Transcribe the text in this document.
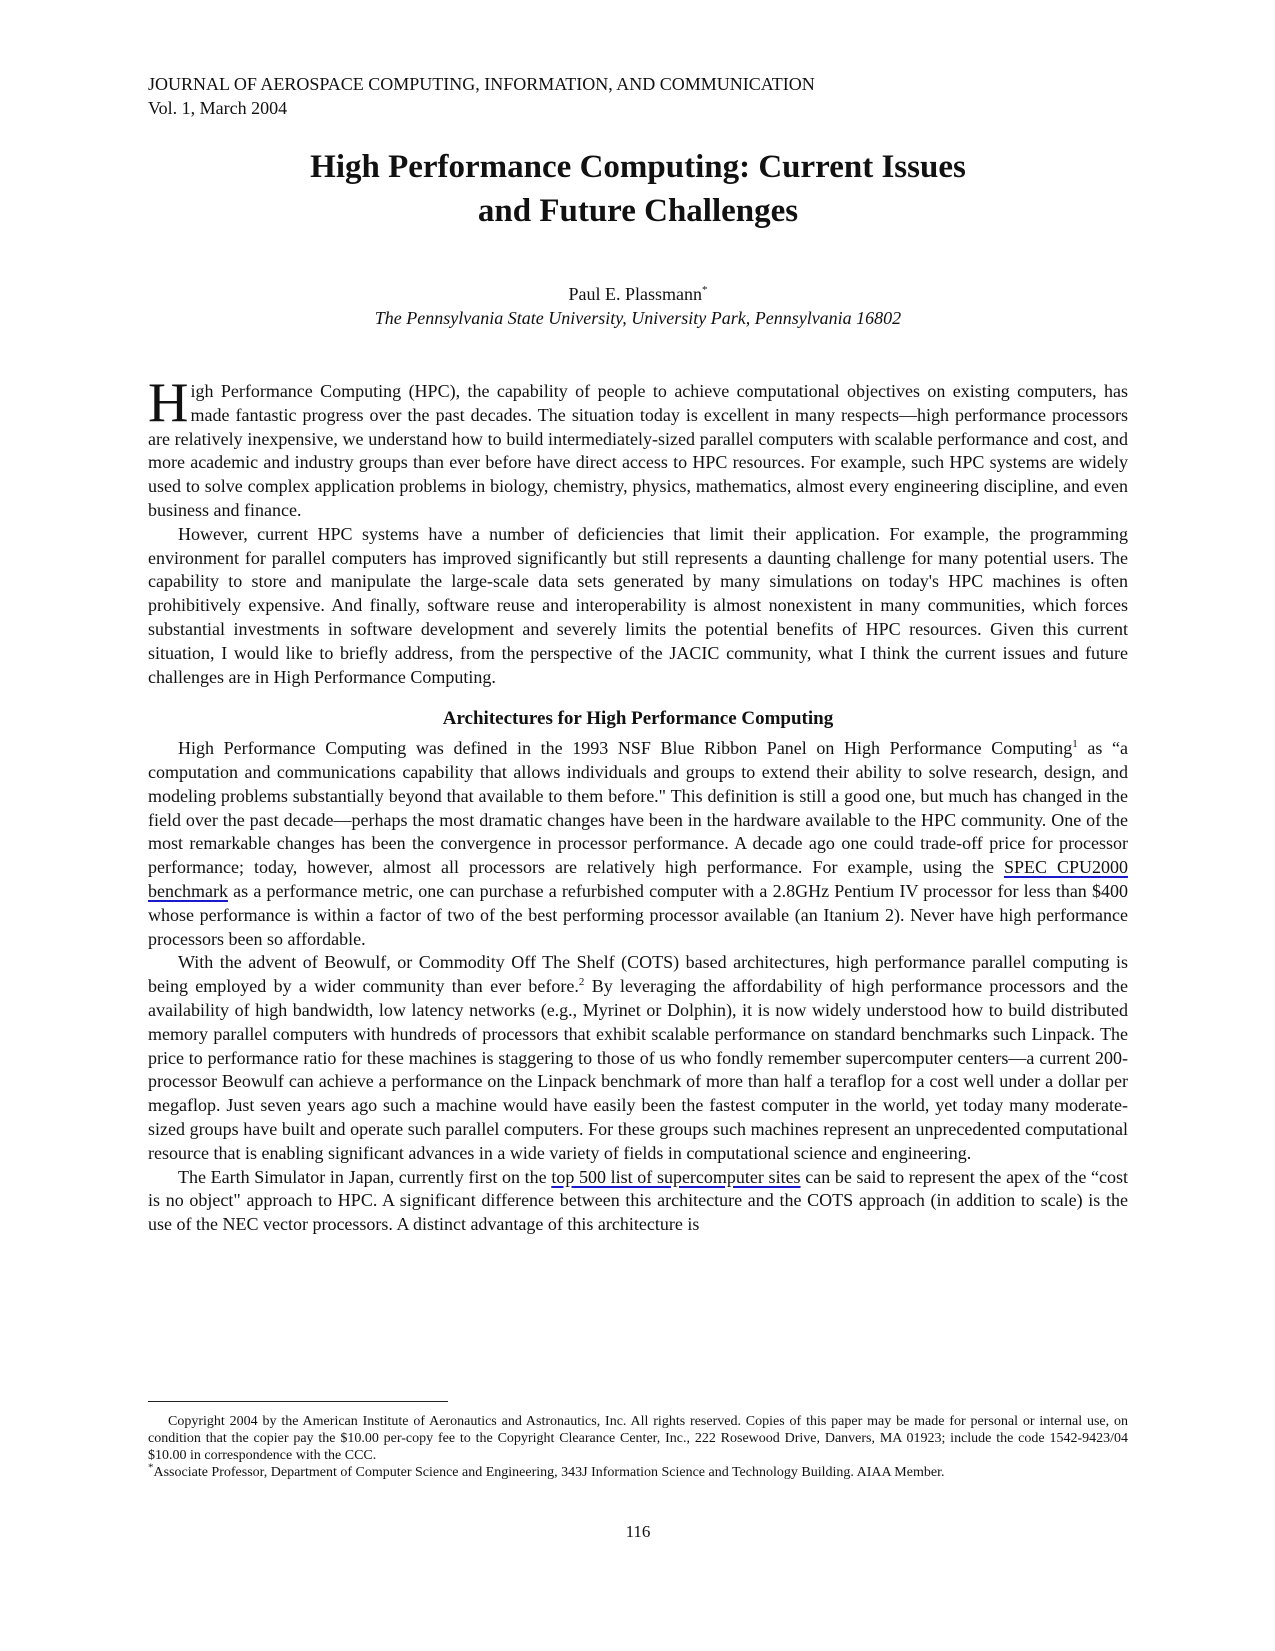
JOURNAL OF AEROSPACE COMPUTING, INFORMATION, AND COMMUNICATION
Vol. 1, March 2004
High Performance Computing: Current Issues
and Future Challenges
Paul E. Plassmann*
The Pennsylvania State University, University Park, Pennsylvania 16802

High Performance Computing (HPC), the capability of people to achieve computational objectives on existing computers, has made fantastic progress over the past decades. The situation today is excellent in many respects—high performance processors are relatively inexpensive, we understand how to build intermediately-sized parallel computers with scalable performance and cost, and more academic and industry groups than ever before have direct access to HPC resources. For example, such HPC systems are widely used to solve complex application problems in biology, chemistry, physics, mathematics, almost every engineering discipline, and even business and finance.

However, current HPC systems have a number of deficiencies that limit their application. For example, the programming environment for parallel computers has improved significantly but still represents a daunting challenge for many potential users. The capability to store and manipulate the large-scale data sets generated by many simulations on today's HPC machines is often prohibitively expensive. And finally, software reuse and interoperability is almost nonexistent in many communities, which forces substantial investments in software development and severely limits the potential benefits of HPC resources. Given this current situation, I would like to briefly address, from the perspective of the JACIC community, what I think the current issues and future challenges are in High Performance Computing.

Architectures for High Performance Computing

High Performance Computing was defined in the 1993 NSF Blue Ribbon Panel on High Performance Computing$^1$ as “a computation and communications capability that allows individuals and groups to extend their ability to solve research, design, and modeling problems substantially beyond that available to them before." This definition is still a good one, but much has changed in the field over the past decade—perhaps the most dramatic changes have been in the hardware available to the HPC community. One of the most remarkable changes has been the convergence in processor performance. A decade ago one could trade-off price for processor performance; today, however, almost all processors are relatively high performance. For example, using the SPEC CPU2000 benchmark as a performance metric, one can purchase a refurbished computer with a 2.8GHz Pentium IV processor for less than $400 whose performance is within a factor of two of the best performing processor available (an Itanium 2). Never have high performance processors been so affordable.

With the advent of Beowulf, or Commodity Off The Shelf (COTS) based architectures, high performance parallel computing is being employed by a wider community than ever before.$^2$ By leveraging the affordability of high performance processors and the availability of high bandwidth, low latency networks (e.g., Myrinet or Dolphin), it is now widely understood how to build distributed memory parallel computers with hundreds of processors that exhibit scalable performance on standard benchmarks such Linpack. The price to performance ratio for these machines is staggering to those of us who fondly remember supercomputer centers—a current 200-processor Beowulf can achieve a performance on the Linpack benchmark of more than half a teraflop for a cost well under a dollar per megaflop. Just seven years ago such a machine would have easily been the fastest computer in the world, yet today many moderate-sized groups have built and operate such parallel computers. For these groups such machines represent an unprecedented computational resource that is enabling significant advances in a wide variety of fields in computational science and engineering.

The Earth Simulator in Japan, currently first on the top 500 list of supercomputer sites can be said to represent the apex of the “cost is no object" approach to HPC. A significant difference between this architecture and the COTS approach (in addition to scale) is the use of the NEC vector processors. A distinct advantage of this architecture is

Copyright 2004 by the American Institute of Aeronautics and Astronautics, Inc. All rights reserved. Copies of this paper may be made for personal or internal use, on condition that the copier pay the $10.00 per-copy fee to the Copyright Clearance Center, Inc., 222 Rosewood Drive, Danvers, MA 01923; include the code 1542-9423/04 $10.00 in correspondence with the CCC.

*Associate Professor, Department of Computer Science and Engineering, 343J Information Science and Technology Building. AIAA Member.

116
